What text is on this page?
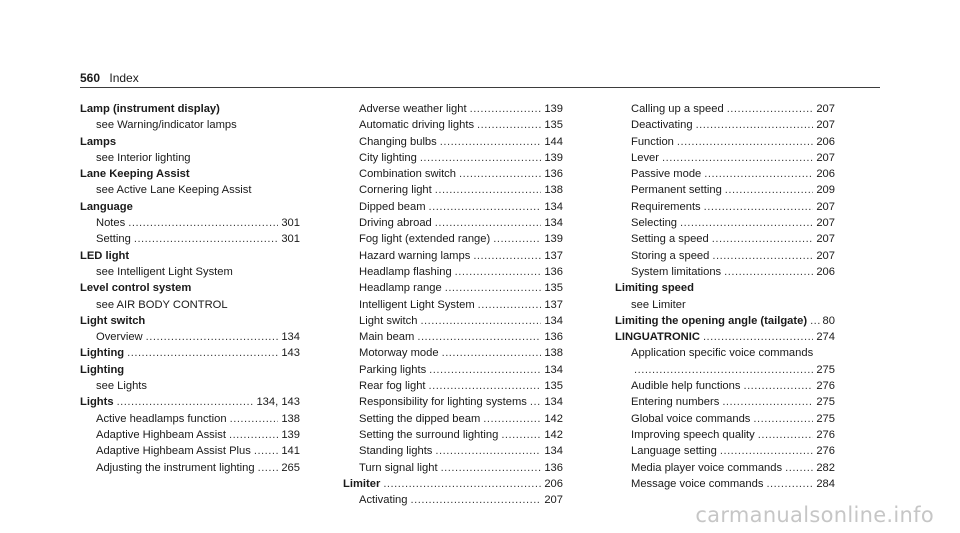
560 Index
Lamp (instrument display)
see Warning/indicator lamps
Lamps
see Interior lighting
Lane Keeping Assist
see Active Lane Keeping Assist
Language
Notes .....	301
Setting .....	301
LED light
see Intelligent Light System
Level control system
see AIR BODY CONTROL
Light switch
Overview .....	134
Lighting .....	143
Lighting
see Lights
Lights .....	134, 143
Active headlamps function .....	138
Adaptive Highbeam Assist .....	139
Adaptive Highbeam Assist Plus .....	141
Adjusting the instrument lighting ..... 265
Adverse weather light .....	139
Automatic driving lights .....	135
Changing bulbs .....	144
City lighting .....	139
Combination switch .....	136
Cornering light .....	138
Dipped beam .....	134
Driving abroad .....	134
Fog light (extended range) .....	139
Hazard warning lamps .....	137
Headlamp flashing .....	136
Headlamp range .....	135
Intelligent Light System .....	137
Light switch .....	134
Main beam .....	136
Motorway mode .....	138
Parking lights .....	134
Rear fog light .....	135
Responsibility for lighting systems ..... 134
Setting the dipped beam .....	142
Setting the surround lighting .....	142
Standing lights .....	134
Turn signal light .....	136
Limiter .....	206
Activating .....	207
Calling up a speed .....	207
Deactivating .....	207
Function .....	206
Lever .....	207
Passive mode .....	206
Permanent setting .....	209
Requirements .....	207
Selecting .....	207
Setting a speed .....	207
Storing a speed .....	207
System limitations .....	206
Limiting speed
see Limiter
Limiting the opening angle (tailgate) ..... 80
LINGUATRONIC .....	274
Application specific voice commands
.....
275
Audible help functions .....	276
Entering numbers .....	275
Global voice commands .....	275
Improving speech quality .....	276
Language setting .....	276
Media player voice commands .....	282
Message voice commands .....	284
carmanualsonline.info
